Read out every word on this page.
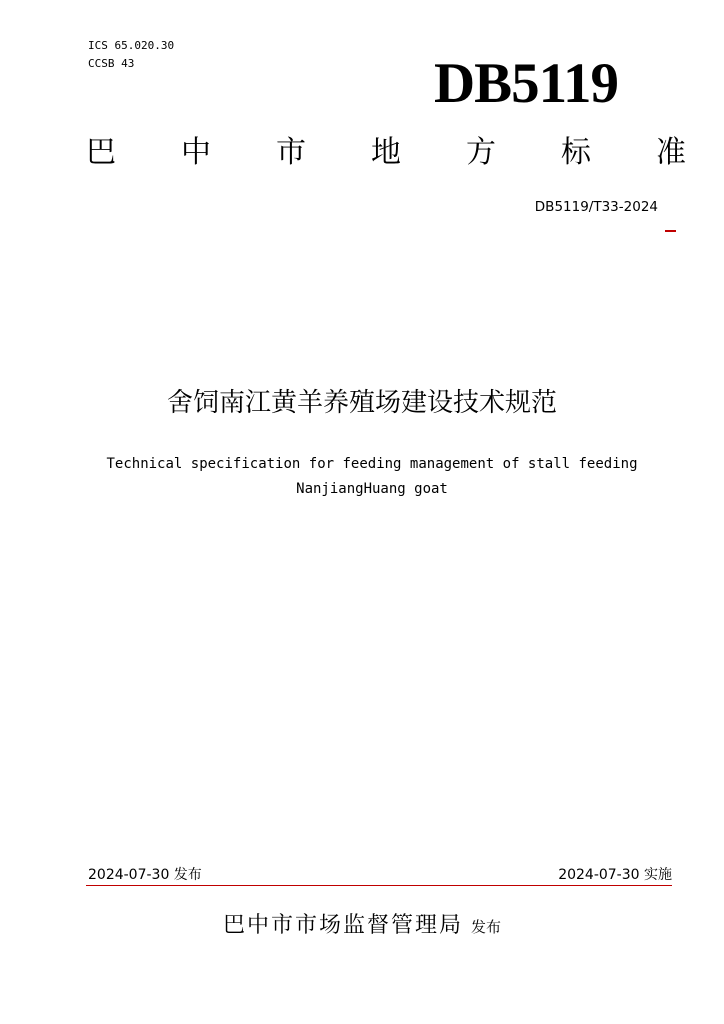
ICS 65.020.30
CCSB 43	DB5119
巴 中 市 地 方 标 准
DB5119/T33-2024
舍饲南江黄羊养殖场建设技术规范
Technical specification for feeding management of stall feeding
NanjiangHuang goat
2024-07-30 发布	2024-07-30 实施
巴中市市场监督管理局 发布
